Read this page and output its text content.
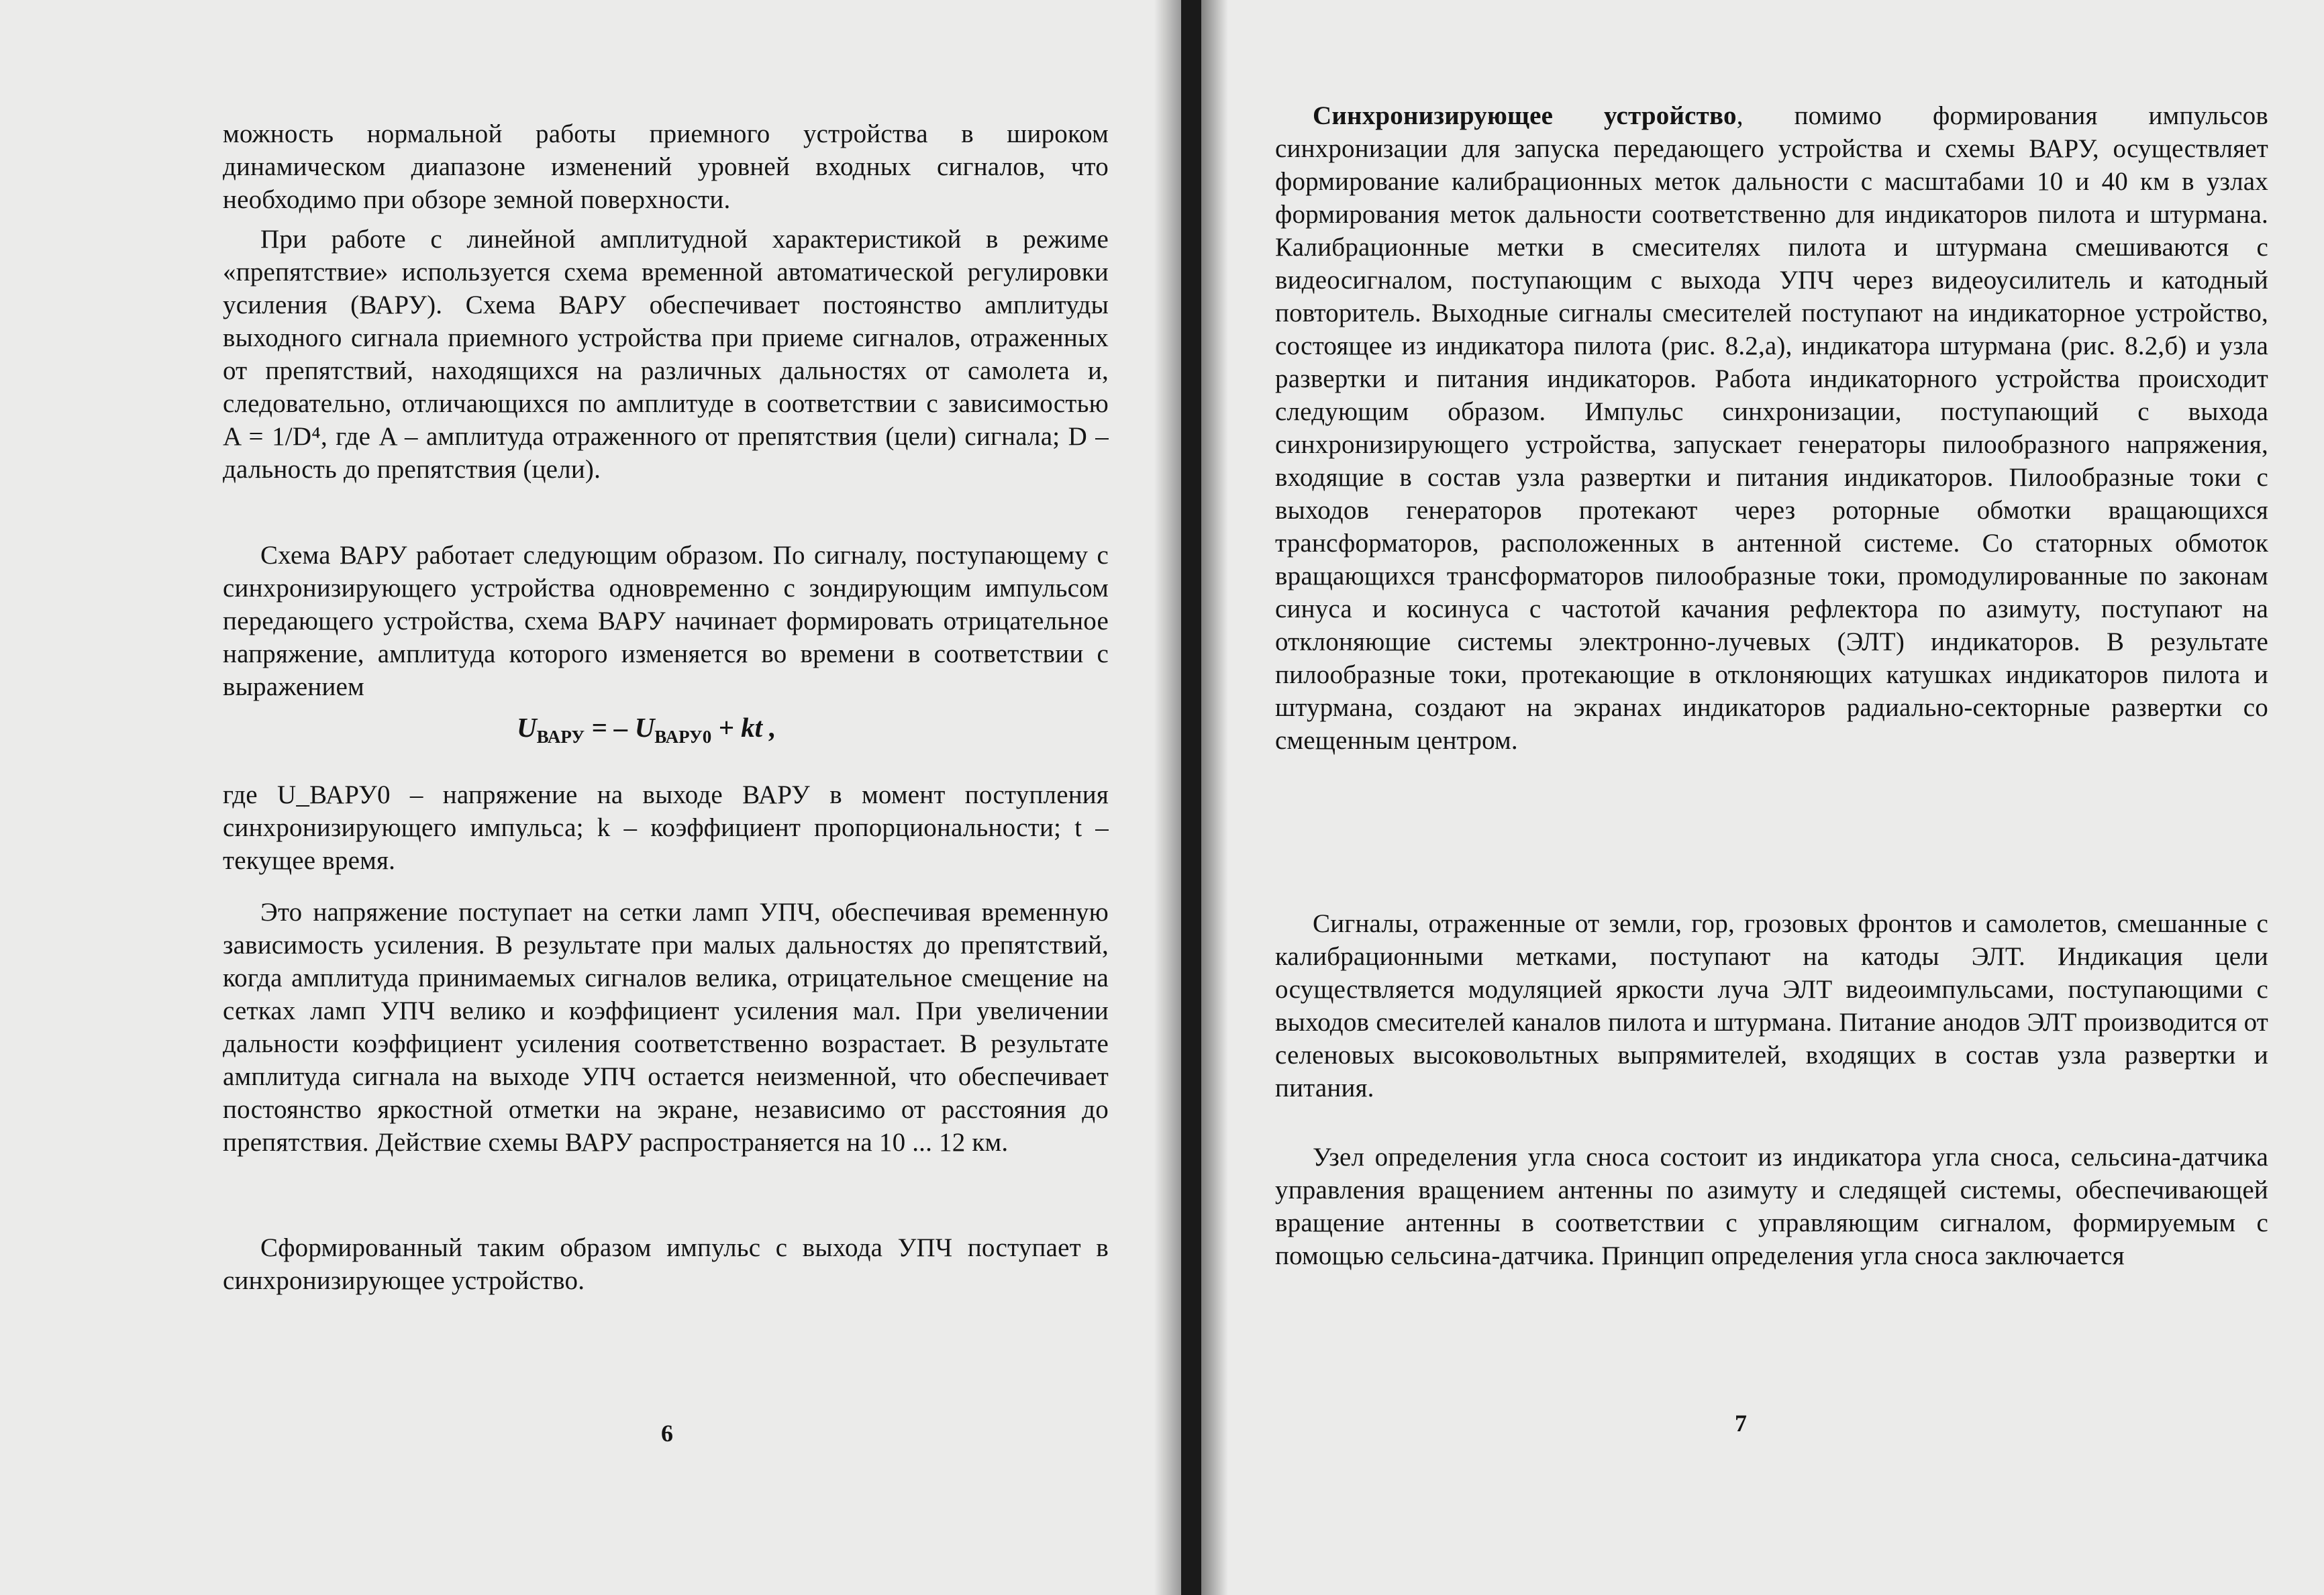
можность нормальной работы приемного устройства в широком динамическом диапазоне изменений уровней входных сигналов, что необходимо при обзоре земной поверхности.

При работе с линейной амплитудной характеристикой в режиме «препятствие» используется схема временной автоматической регулировки усиления (ВАРУ). Схема ВАРУ обеспечивает постоянство амплитуды выходного сигнала приемного устройства при приеме сигналов, отраженных от препятствий, находящихся на различных дальностях от самолета и, следовательно, отличающихся по амплитуде в соответствии с зависимостью A = 1/D⁴, где A – амплитуда отраженного от препятствия (цели) сигнала; D – дальность до препятствия (цели).

Схема ВАРУ работает следующим образом. По сигналу, поступающему с синхронизирующего устройства одновременно с зондирующим импульсом передающего устройства, схема ВАРУ начинает формировать отрицательное напряжение, амплитуда которого изменяется во времени в соответствии с выражением

$U_{ВАРУ}$ = – $U_{ВАРУ0}$ + kt ,

где U_ВАРУ0 – напряжение на выходе ВАРУ в момент поступления синхронизирующего импульса; k – коэффициент пропорциональности; t – текущее время.

Это напряжение поступает на сетки ламп УПЧ, обеспечивая временную зависимость усиления. В результате при малых дальностях до препятствий, когда амплитуда принимаемых сигналов велика, отрицательное смещение на сетках ламп УПЧ велико и коэффициент усиления мал. При увеличении дальности коэффициент усиления соответственно возрастает. В результате амплитуда сигнала на выходе УПЧ остается неизменной, что обеспечивает постоянство яркостной отметки на экране, независимо от расстояния до препятствия. Действие схемы ВАРУ распространяется на 10 ... 12 км.

Сформированный таким образом импульс с выхода УПЧ поступает в синхронизирующее устройство.

6

Синхронизирующее устройство, помимо формирования импульсов синхронизации для запуска передающего устройства и схемы ВАРУ, осуществляет формирование калибрационных меток дальности с масштабами 10 и 40 км в узлах формирования меток дальности соответственно для индикаторов пилота и штурмана. Калибрационные метки в смесителях пилота и штурмана смешиваются с видеосигналом, поступающим с выхода УПЧ через видеоусилитель и катодный повторитель. Выходные сигналы смесителей поступают на индикаторное устройство, состоящее из индикатора пилота (рис. 8.2,а), индикатора штурмана (рис. 8.2,б) и узла развертки и питания индикаторов. Работа индикаторного устройства происходит следующим образом. Импульс синхронизации, поступающий с выхода синхронизирующего устройства, запускает генераторы пилообразного напряжения, входящие в состав узла развертки и питания индикаторов. Пилообразные токи с выходов генераторов протекают через роторные обмотки вращающихся трансформаторов, расположенных в антенной системе. Со статорных обмоток вращающихся трансформаторов пилообразные токи, промодулированные по законам синуса и косинуса с частотой качания рефлектора по азимуту, поступают на отклоняющие системы электронно-лучевых (ЭЛТ) индикаторов. В результате пилообразные токи, протекающие в отклоняющих катушках индикаторов пилота и штурмана, создают на экранах индикаторов радиально-секторные развертки со смещенным центром.

Сигналы, отраженные от земли, гор, грозовых фронтов и самолетов, смешанные с калибрационными метками, поступают на катоды ЭЛТ. Индикация цели осуществляется модуляцией яркости луча ЭЛТ видеоимпульсами, поступающими с выходов смесителей каналов пилота и штурмана. Питание анодов ЭЛТ производится от селеновых высоковольтных выпрямителей, входящих в состав узла развертки и питания.

Узел определения угла сноса состоит из индикатора угла сноса, сельсина-датчика управления вращением антенны по азимуту и следящей системы, обеспечивающей вращение антенны в соответствии с управляющим сигналом, формируемым с помощью сельсина-датчика. Принцип определения угла сноса заключается

7
